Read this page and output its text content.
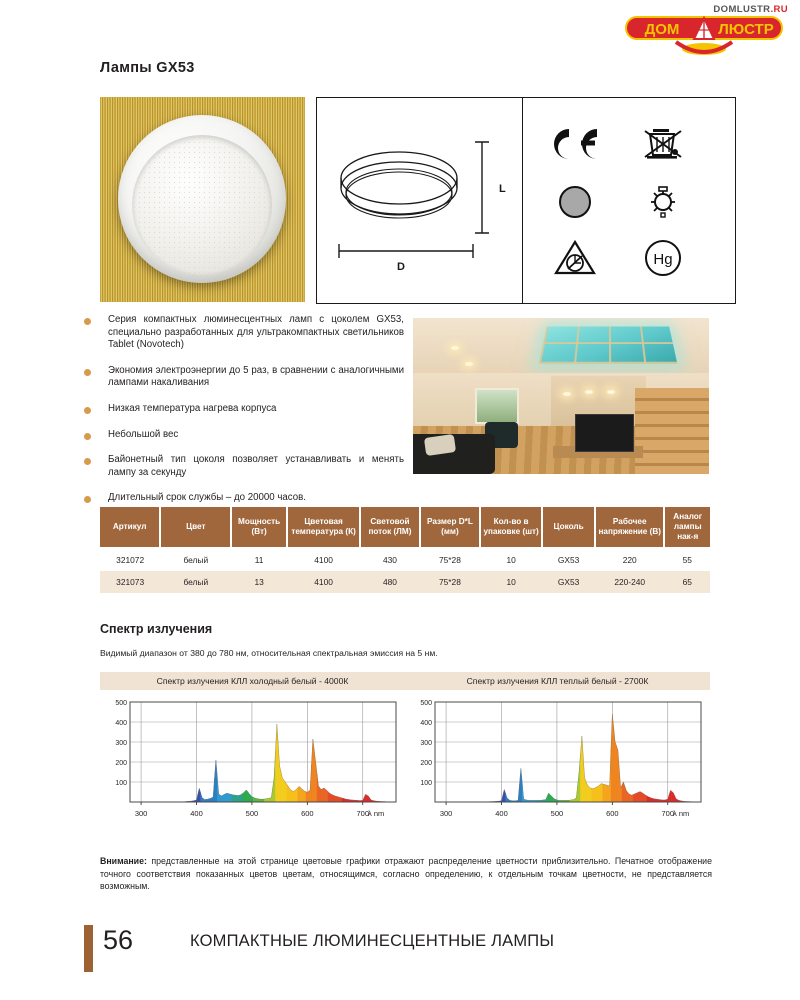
DOMLUSTR.RU
ДОМ	ЛЮСТР
Лампы GX53
L
D	Hg
Серия компактных люминесцентных ламп с цоколем GX53, специально разработанных для ультракомпактных светильников Tablet (Novotech)
Экономия электроэнергии до 5 раз, в сравнении с аналогичными лампами накаливания
Низкая температура нагрева корпуса
Небольшой вес
Байонетный тип цоколя позволяет устанавливать и менять лампу за секунду
Длительный срок службы – до 20000 часов.
Артикул	Цвет	Мощность (Вт)	Цветовая температура (К)	Световой поток (ЛМ)	Размер D*L (мм)	Кол-во в упаковке (шт)	Цоколь	Рабочее напряжение (В)	Аналог лампы нак-я
321072	белый	11	4100	430	75*28	10	GX53	220	55
321073	белый	13	4100	480	75*28	10	GX53	220-240	65
Спектр излучения
Видимый диапазон от 380 до 780 нм, относительная спектральная эмиссия на 5 нм.
Спектр излучения КЛЛ холодный белый - 4000К
100
200
300
400
500
300	400	500	600	700
λ nm
Спектр излучения КЛЛ теплый белый - 2700К
100
200
300
400
500
300	400	500	600	700
λ nm
Внимание: представленные на этой странице цветовые графики отражают распределение цветности приблизительно. Печатное отображение точного соответствия показанных цветов цветам, относящимся, согласно определению, к отдельным точкам цветности, не представляется возможным.
56	КОМПАКТНЫЕ ЛЮМИНЕСЦЕНТНЫЕ ЛАМПЫ
